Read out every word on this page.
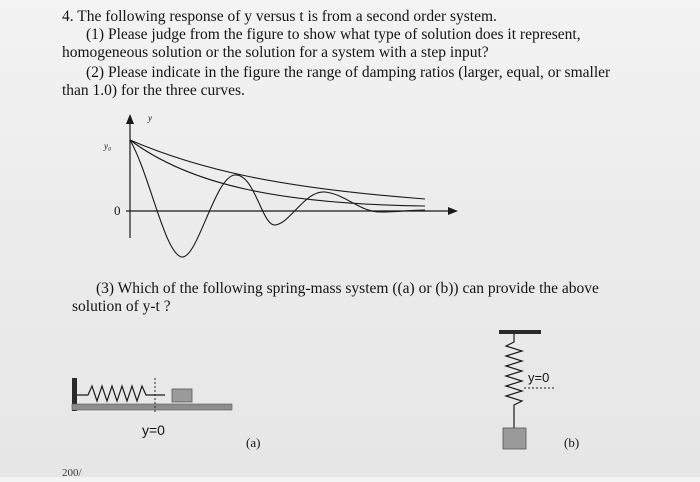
4. The following response of y versus t is from a second order system.
(1) Please judge from the figure to show what type of solution does it represent,
homogeneous solution or the solution for a system with a step input?
(2) Please indicate in the figure the range of damping ratios (larger, equal, or smaller
than 1.0) for the three curves.
y
y₀
0
(3) Which of the following spring-mass system ((a) or (b)) can provide the above
solution of y-t ?
y=0
(a)
y=0
(b)
200/
